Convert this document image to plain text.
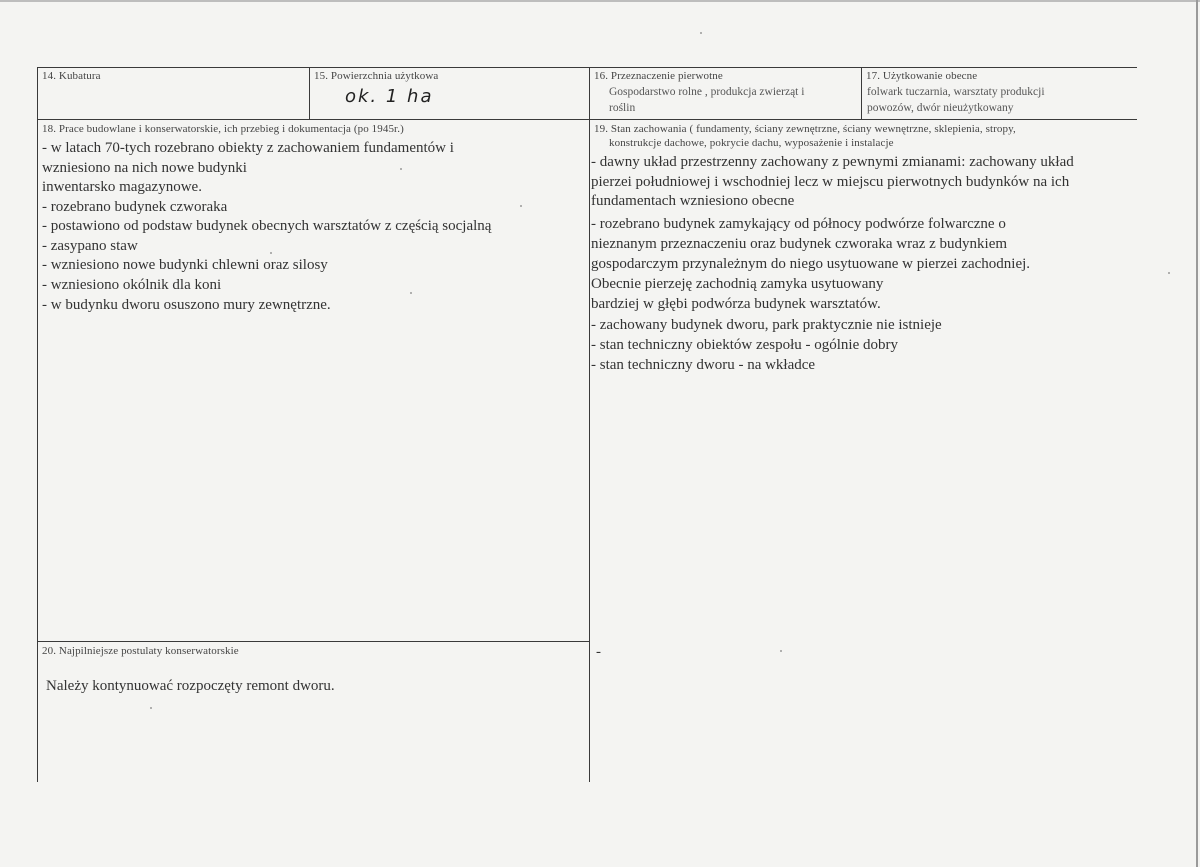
14. Kubatura	15. Powierzchnia użytkowa
ok. 1 ha
16. Przeznaczenie pierwotne
Gospodarstwo rolne , produkcja zwierząt i
roślin
17. Użytkowanie obecne
folwark tuczarnia, warsztaty produkcji
powozów, dwór nieużytkowany
18. Prace budowlane i konserwatorskie, ich przebieg i dokumentacja (po 1945r.)
- w latach 70-tych rozebrano obiekty z zachowaniem fundamentów i
wzniesiono na nich nowe budynki
inwentarsko magazynowe.
- rozebrano budynek czworaka
- postawiono od podstaw budynek obecnych warsztatów z częścią socjalną
- zasypano staw
- wzniesiono nowe budynki chlewni oraz silosy
- wzniesiono okólnik dla koni
- w budynku dworu osuszono mury zewnętrzne.
19. Stan zachowania ( fundamenty, ściany zewnętrzne, ściany wewnętrzne, sklepienia, stropy,
konstrukcje dachowe, pokrycie dachu, wyposażenie i instalacje
- dawny układ przestrzenny zachowany z pewnymi zmianami: zachowany układ
pierzei południowej i wschodniej lecz w miejscu pierwotnych budynków na ich
fundamentach wzniesiono obecne
- rozebrano budynek zamykający od północy podwórze folwarczne o
nieznanym przeznaczeniu oraz budynek czworaka wraz z budynkiem
gospodarczym przynależnym do niego usytuowane w pierzei zachodniej.
Obecnie pierzeję zachodnią zamyka usytuowany
bardziej w głębi podwórza budynek warsztatów.
- zachowany budynek dworu, park praktycznie nie istnieje
- stan techniczny obiektów zespołu - ogólnie dobry
- stan techniczny dworu - na wkładce
20. Najpilniejsze postulaty konserwatorskie
Należy kontynuować rozpoczęty remont dworu.
-
